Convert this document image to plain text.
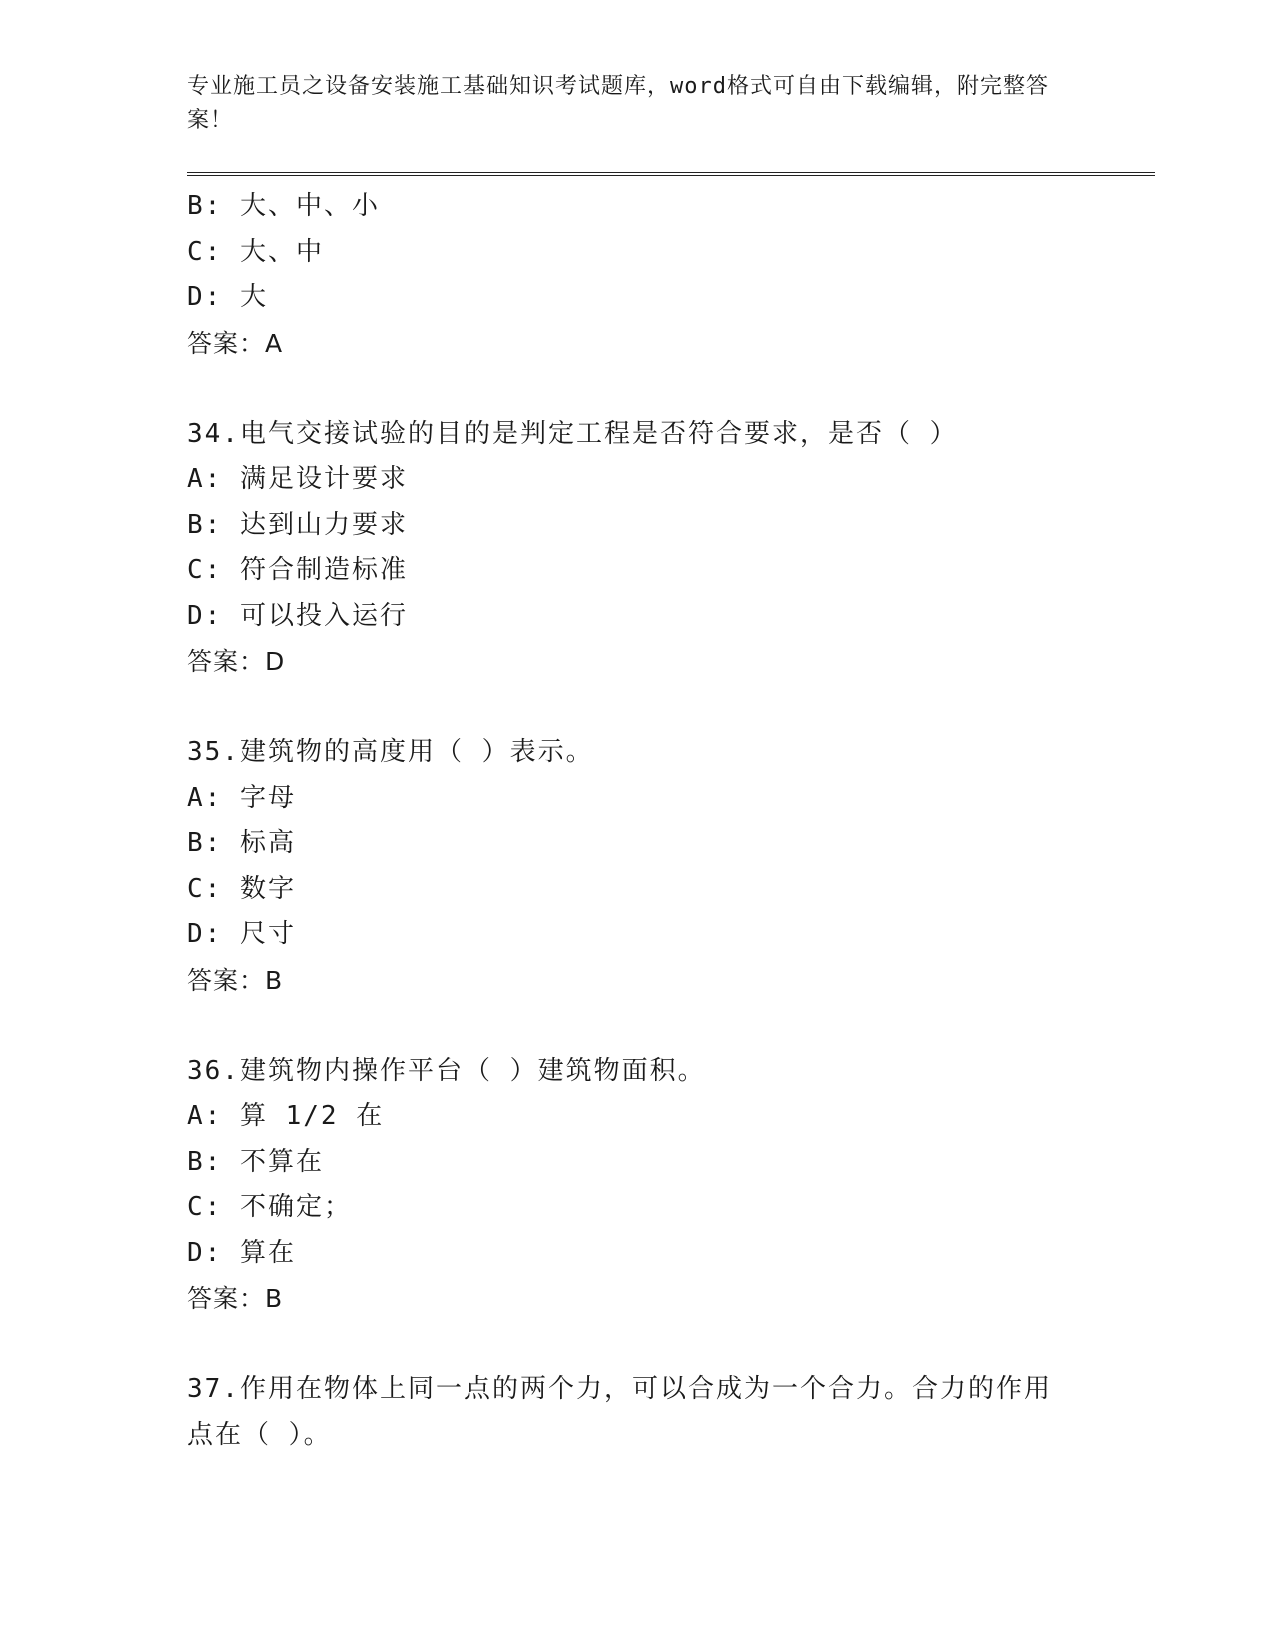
专业施工员之设备安装施工基础知识考试题库，word格式可自由下载编辑，附完整答案！

B: 大、中、小
C: 大、中
D: 大
答案：A
34.电气交接试验的目的是判定工程是否符合要求，是否（ ）
A: 满足设计要求
B: 达到山力要求
C: 符合制造标准
D: 可以投入运行
答案：D
35.建筑物的高度用（ ）表示。
A: 字母
B: 标高
C: 数字
D: 尺寸
答案：B
36.建筑物内操作平台（ ）建筑物面积。
A: 算 1/2 在
B: 不算在
C: 不确定；
D: 算在
答案：B
37.作用在物体上同一点的两个力，可以合成为一个合力。合力的作用点在（ ）。
